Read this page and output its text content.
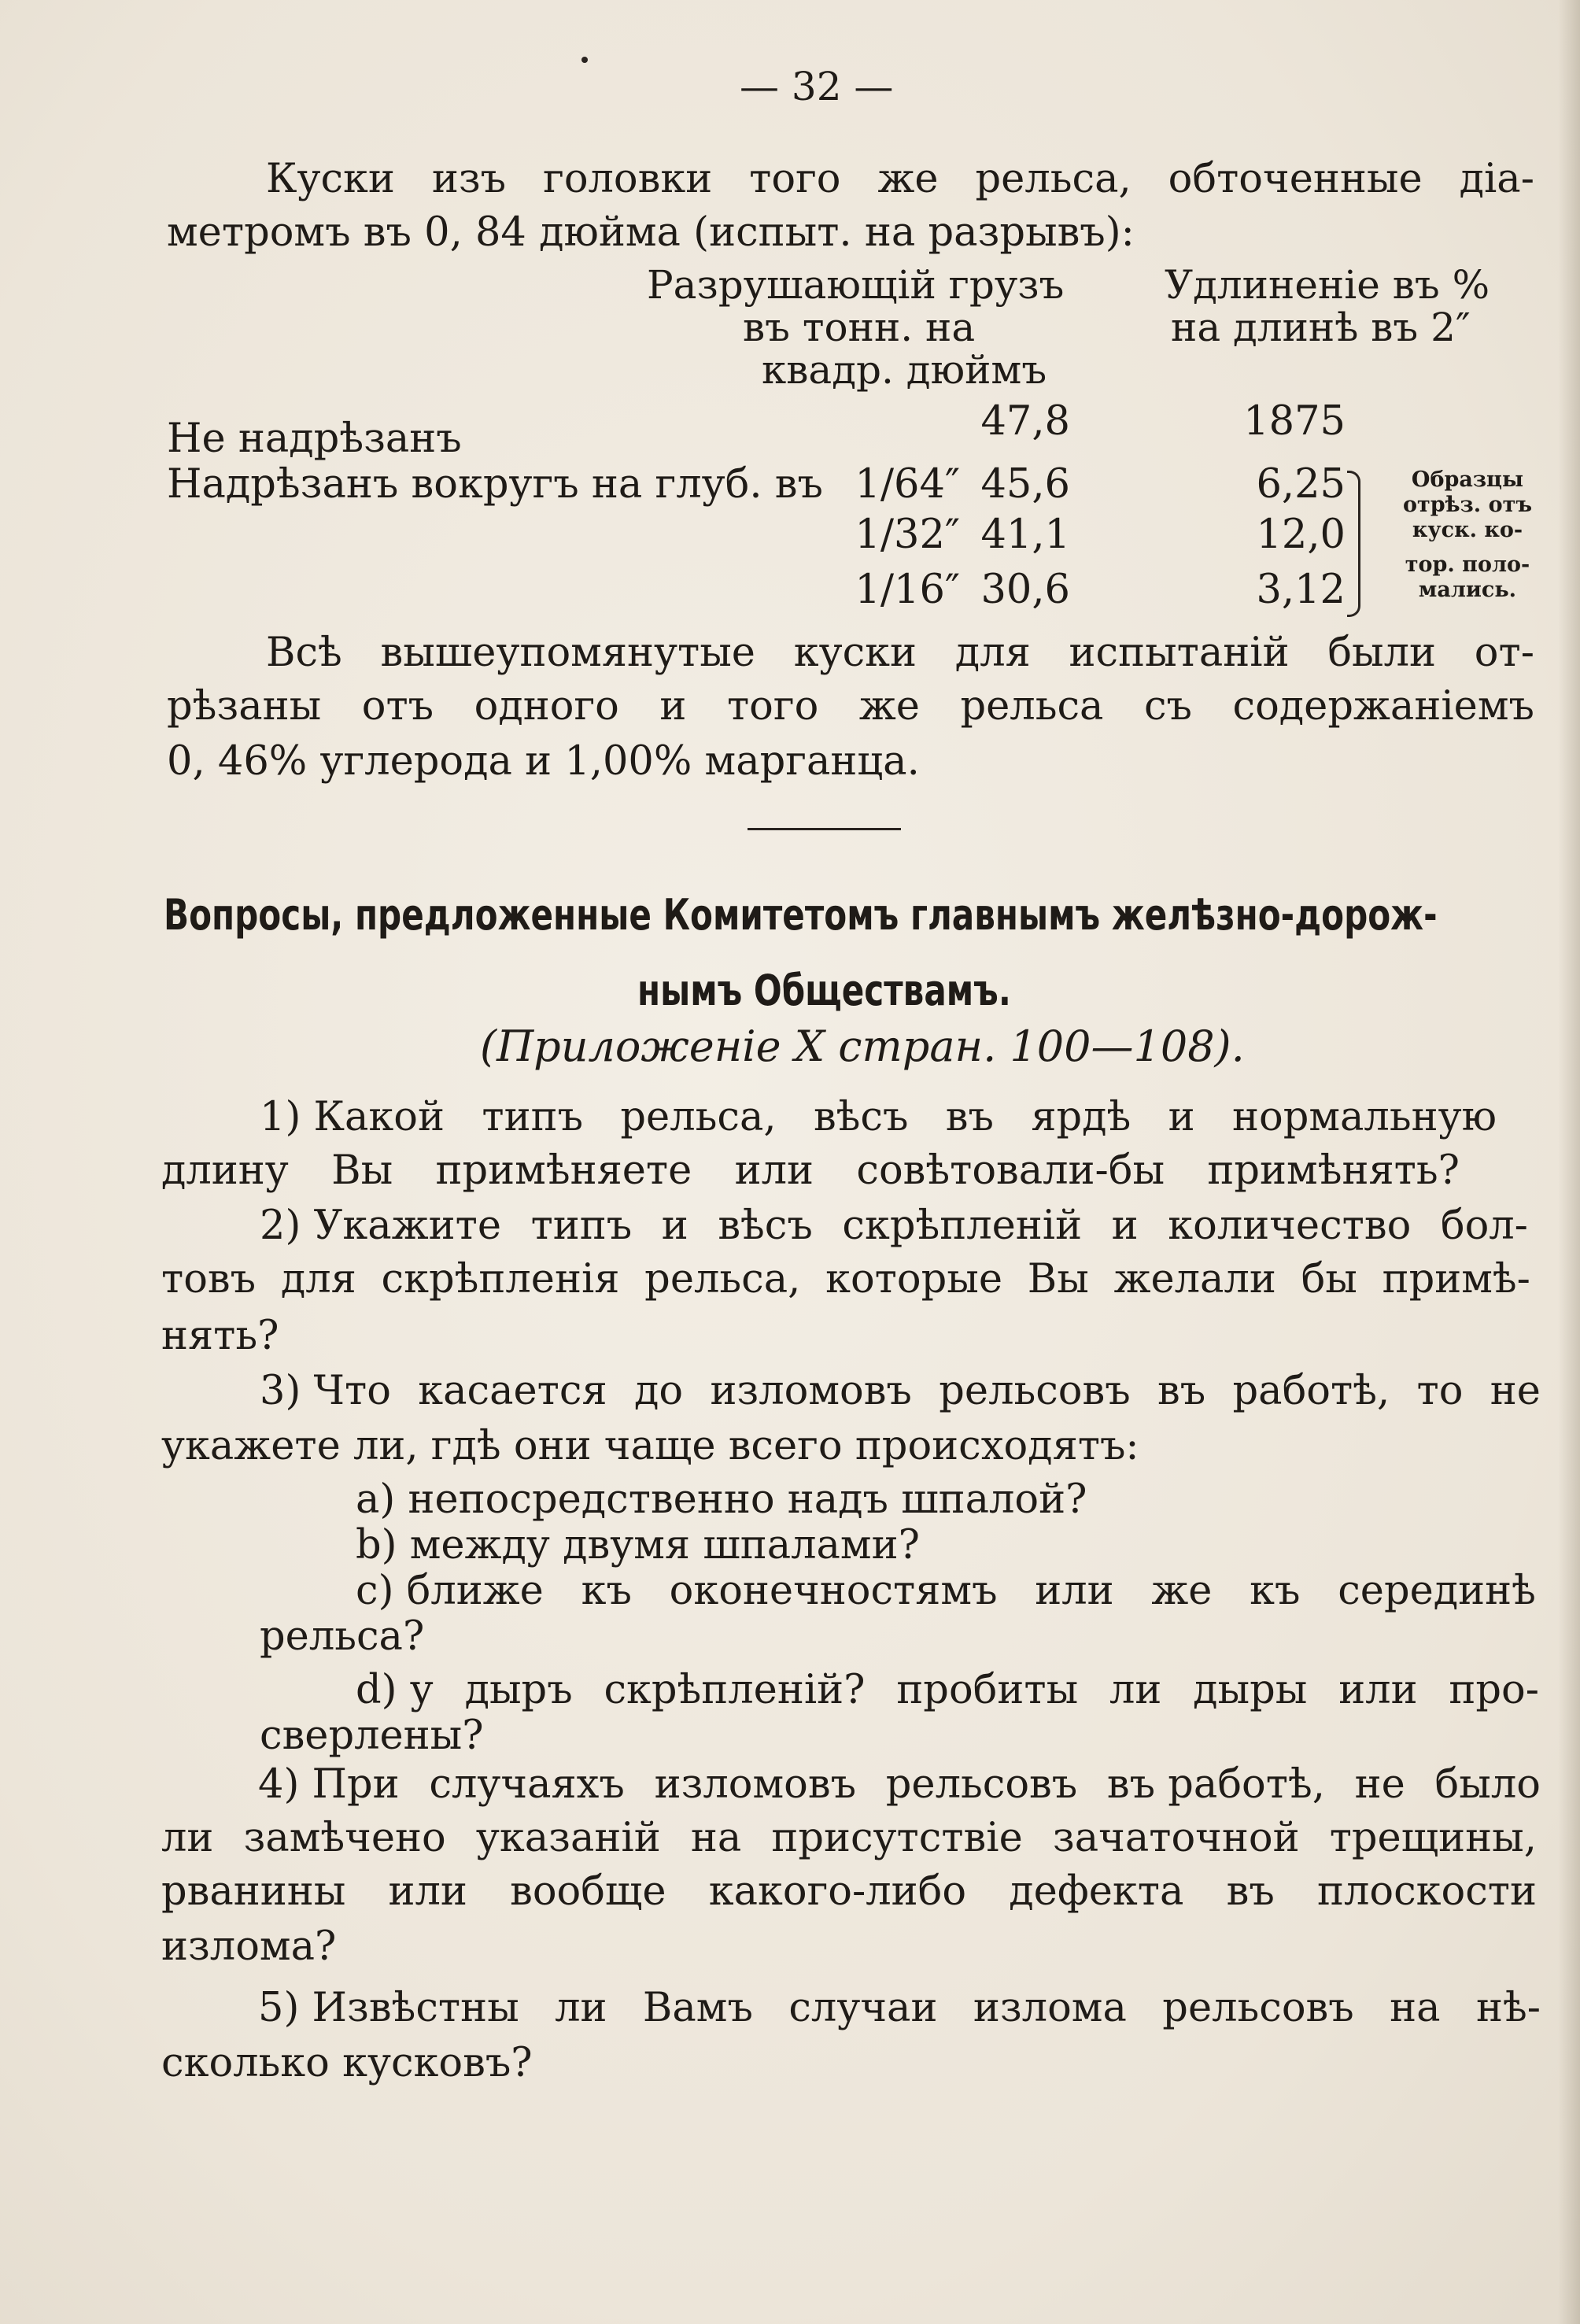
— 32 —
Куски изъ головки того же рельса, обточенные діа-
метромъ въ 0, 84 дюйма (испыт. на разрывъ):
Разрушающій грузъ
въ тонн. на
квадр. дюймъ
Удлиненіе въ %
на длинѣ въ 2″
Не надрѣзанъ	47,8	1875
Надрѣзанъ вокругъ на глуб. въ 1/64″ 45,6	6,25
1/32″ 41,1	12,0
1/16″ 30,6	3,12
Образцы
отрѣз. отъ
куск. ко-
тор. поло-
мались.
Всѣ вышеупомянутые куски для испытаній были от-
рѣзаны отъ одного и того же рельса съ содержаніемъ
0, 46% углерода и 1,00% марганца.
Вопросы, предложенные Комитетомъ главнымъ желѣзно-дорож-
нымъ Обществамъ.
(Приложеніе X стран. 100—108).
1) Какой типъ рельса, вѣсъ въ ярдѣ и нормальную
длину Вы примѣняете или совѣтовали-бы примѣнять?
2) Укажите типъ и вѣсъ скрѣпленій и количество бол-
товъ для скрѣпленія рельса, которые Вы желали бы примѣ-
нять?
3) Что касается до изломовъ рельсовъ въ работѣ, то не
укажете ли, гдѣ они чаще всего происходятъ:
a) непосредственно надъ шпалой?
b) между двумя шпалами?
c) ближе къ оконечностямъ или же къ серединѣ
рельса?
d) у дыръ скрѣпленій? пробиты ли дыры или про-
сверлены?
4) При случаяхъ изломовъ рельсовъ въ работѣ, не было
ли замѣчено указаній на присутствіе зачаточной трещины,
рванины или вообще какого-либо дефекта въ плоскости
излома?
5) Извѣстны ли Вамъ случаи излома рельсовъ на нѣ-
сколько кусковъ?
